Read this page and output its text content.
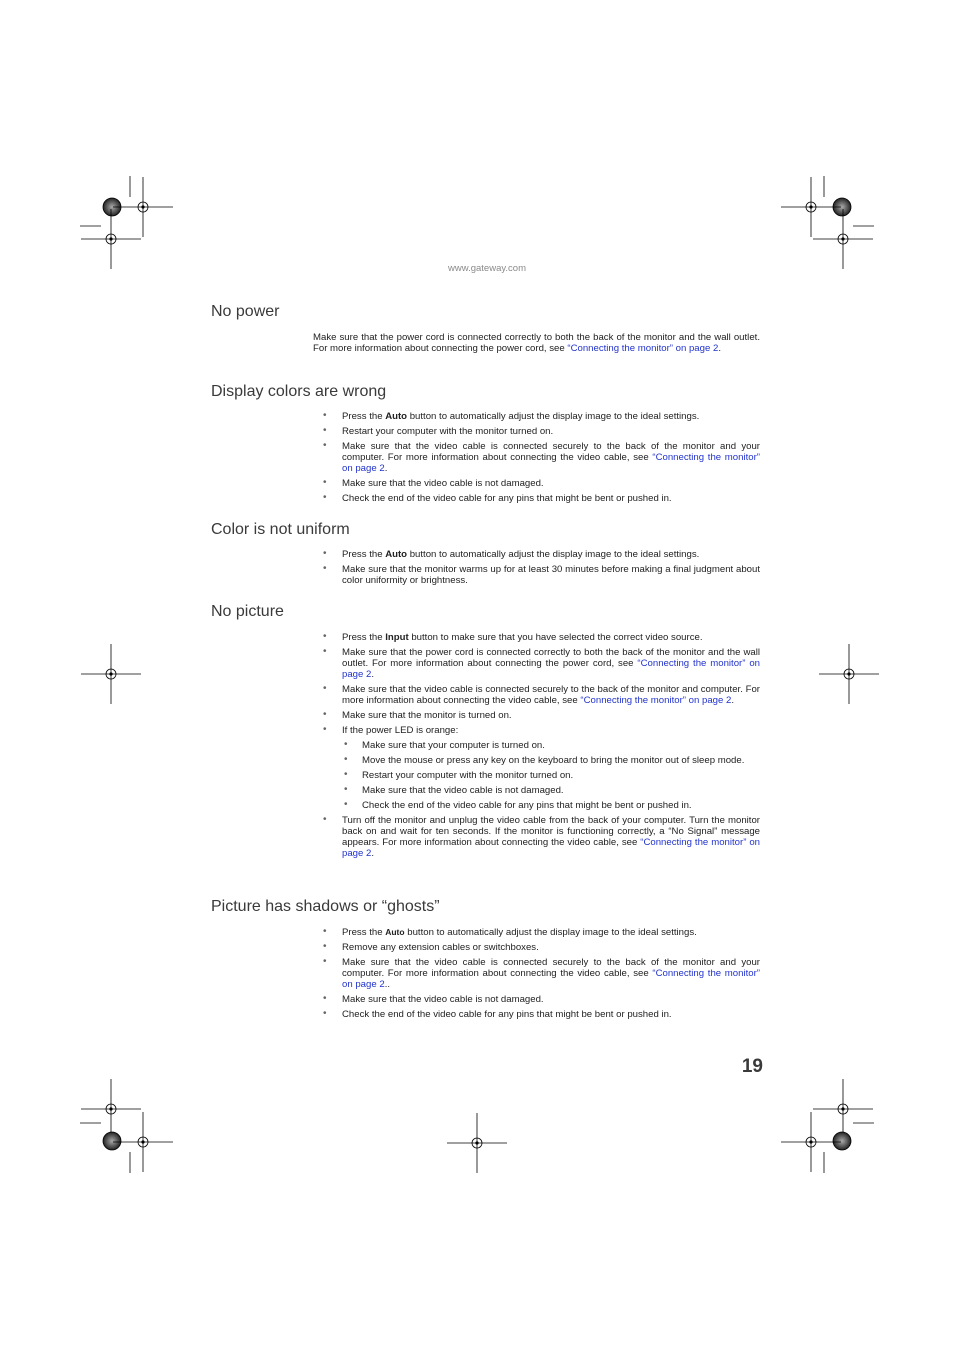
www.gateway.com
No power

Make sure that the power cord is connected correctly to both the back of the monitor and the wall outlet. For more information about connecting the power cord, see “Connecting the monitor” on page 2.

Display colors are wrong
• Press the Auto button to automatically adjust the display image to the ideal settings.
• Restart your computer with the monitor turned on.
• Make sure that the video cable is connected securely to the back of the monitor and your computer. For more information about connecting the video cable, see “Connecting the monitor” on page 2.
• Make sure that the video cable is not damaged.
• Check the end of the video cable for any pins that might be bent or pushed in.
Color is not uniform
• Press the Auto button to automatically adjust the display image to the ideal settings.
• Make sure that the monitor warms up for at least 30 minutes before making a final judgment about color uniformity or brightness.
No picture
• Press the Input button to make sure that you have selected the correct video source.
• Make sure that the power cord is connected correctly to both the back of the monitor and the wall outlet. For more information about connecting the power cord, see “Connecting the monitor” on page 2.
• Make sure that the video cable is connected securely to the back of the monitor and computer. For more information about connecting the video cable, see “Connecting the monitor” on page 2.
• Make sure that the monitor is turned on.
• If the power LED is orange:
• Make sure that your computer is turned on.
• Move the mouse or press any key on the keyboard to bring the monitor out of sleep mode.
• Restart your computer with the monitor turned on.
• Make sure that the video cable is not damaged.
• Check the end of the video cable for any pins that might be bent or pushed in.
• Turn off the monitor and unplug the video cable from the back of your computer. Turn the monitor back on and wait for ten seconds. If the monitor is functioning correctly, a “No Signal” message appears. For more information about connecting the video cable, see “Connecting the monitor” on page 2.
Picture has shadows or “ghosts”
• Press the Auto button to automatically adjust the display image to the ideal settings.
• Remove any extension cables or switchboxes.
• Make sure that the video cable is connected securely to the back of the monitor and your computer. For more information about connecting the video cable, see “Connecting the monitor” on page 2..
• Make sure that the video cable is not damaged.
• Check the end of the video cable for any pins that might be bent or pushed in.
19
